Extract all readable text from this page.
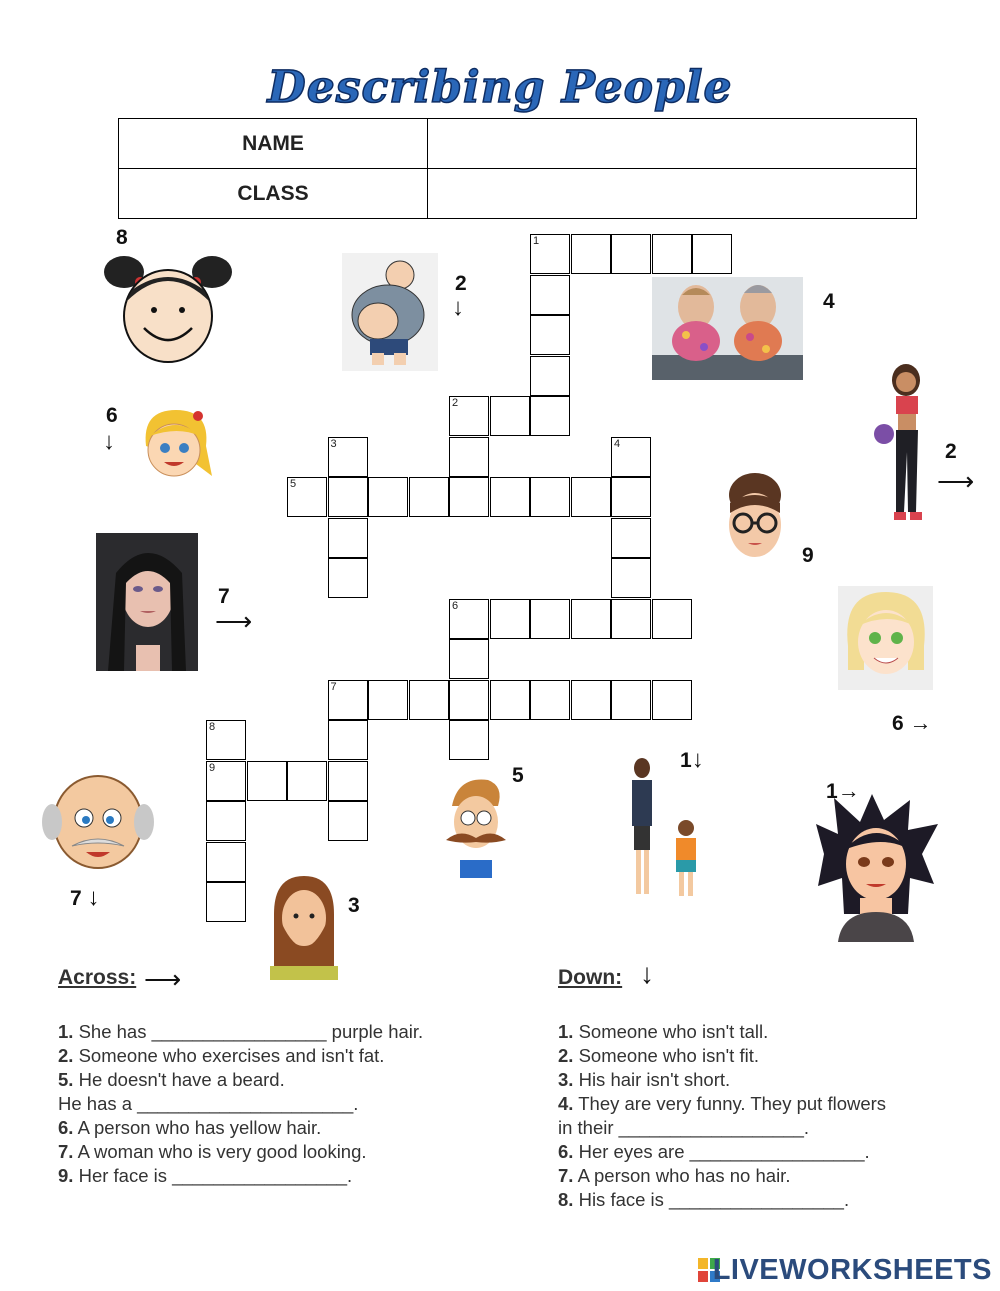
Describing People
NAME	
CLASS	
1
2
3	4
5
6
7
8
9
8
2
↓	4
6
↓	2
⟶
9
7
⟶
6 →
7 ↓	3
5
1↓
1→
Across: ⟶	Down: ↓
1. She has _________________ purple hair.
2. Someone who exercises and isn't fat.
5. He doesn't have a beard.
He has a _____________________.
6. A person who has yellow hair.
7. A woman who is very good looking.
9. Her face is _________________.
1. Someone who isn't tall.
2. Someone who isn't fit.
3. His hair isn't short.
4. They are very funny. They put flowers
in their __________________.
6. Her eyes are _________________.
7. A person who has no hair.
8. His face is _________________.
LIVEWORKSHEETS
